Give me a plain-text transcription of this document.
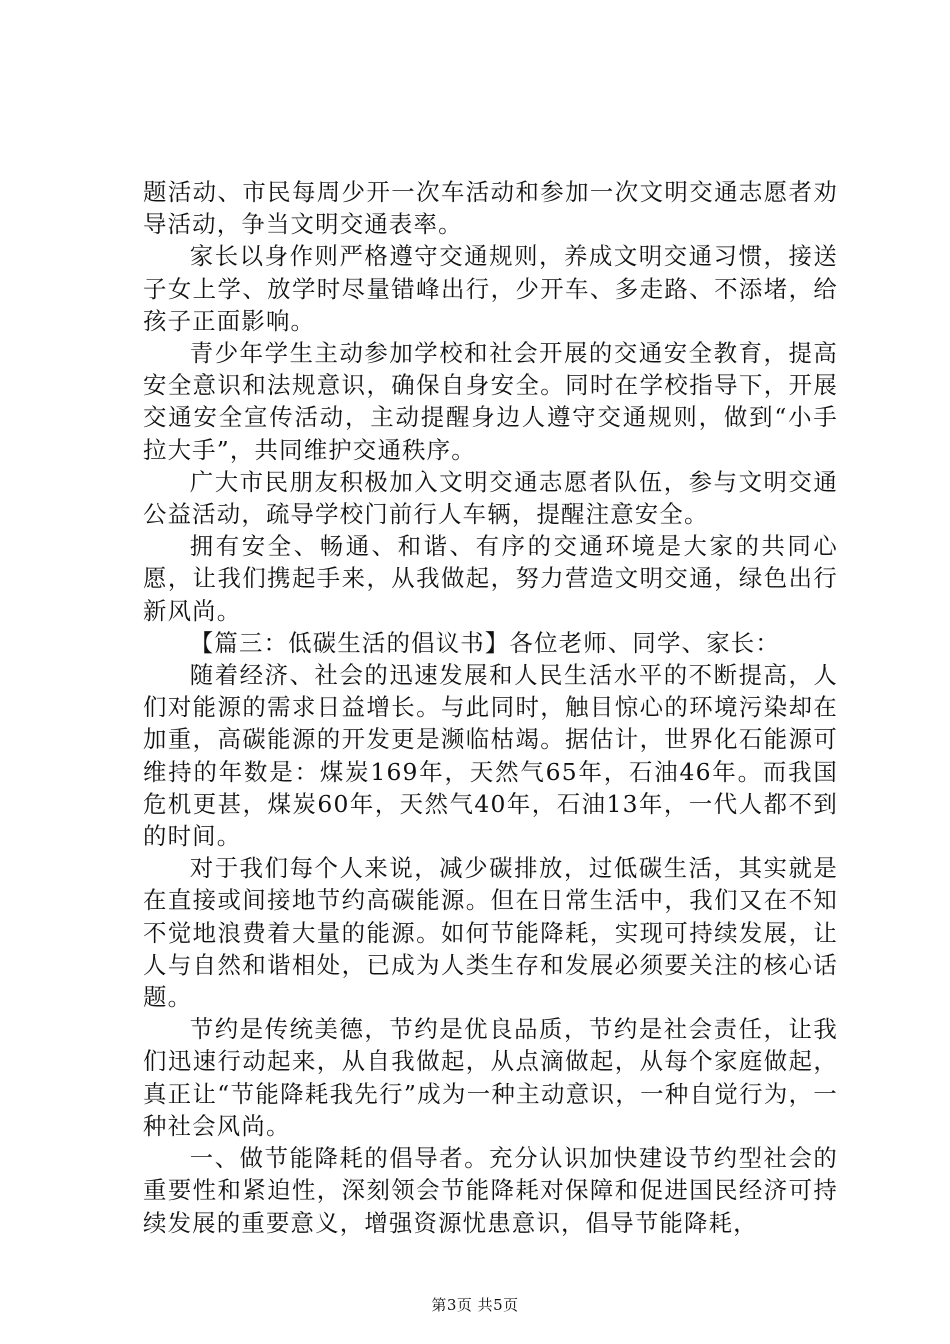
题活动、市民每周少开一次车活动和参加一次文明交通志愿者劝导活动，争当文明交通表率。

家长以身作则严格遵守交通规则，养成文明交通习惯，接送子女上学、放学时尽量错峰出行，少开车、多走路、不添堵，给孩子正面影响。

青少年学生主动参加学校和社会开展的交通安全教育，提高安全意识和法规意识，确保自身安全。同时在学校指导下，开展交通安全宣传活动，主动提醒身边人遵守交通规则，做到“小手拉大手”，共同维护交通秩序。

广大市民朋友积极加入文明交通志愿者队伍，参与文明交通公益活动，疏导学校门前行人车辆，提醒注意安全。

拥有安全、畅通、和谐、有序的交通环境是大家的共同心愿，让我们携起手来，从我做起，努力营造文明交通，绿色出行新风尚。

【篇三：低碳生活的倡议书】各位老师、同学、家长：

随着经济、社会的迅速发展和人民生活水平的不断提高，人们对能源的需求日益增长。与此同时，触目惊心的环境污染却在加重，高碳能源的开发更是濒临枯竭。据估计，世界化石能源可维持的年数是：煤炭169年，天然气65年，石油46年。而我国危机更甚，煤炭60年，天然气40年，石油13年，一代人都不到的时间。

对于我们每个人来说，减少碳排放，过低碳生活，其实就是在直接或间接地节约高碳能源。但在日常生活中，我们又在不知不觉地浪费着大量的能源。如何节能降耗，实现可持续发展，让人与自然和谐相处，已成为人类生存和发展必须要关注的核心话题。

节约是传统美德，节约是优良品质，节约是社会责任，让我们迅速行动起来，从自我做起，从点滴做起，从每个家庭做起，真正让“节能降耗我先行”成为一种主动意识，一种自觉行为，一种社会风尚。

一、做节能降耗的倡导者。充分认识加快建设节约型社会的重要性和紧迫性，深刻领会节能降耗对保障和促进国民经济可持续发展的重要意义，增强资源忧患意识，倡导节能降耗，

第3页 共5页
